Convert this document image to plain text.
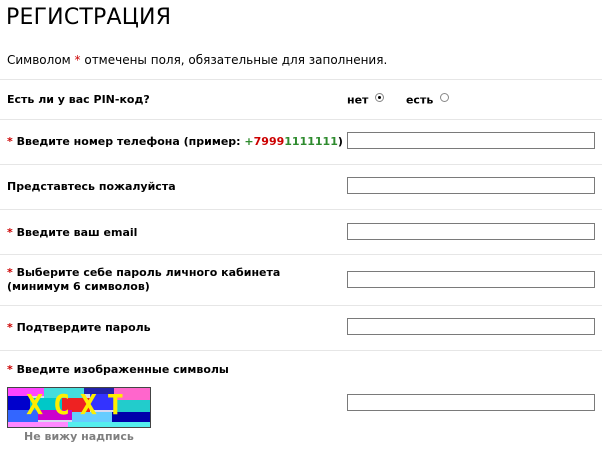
РЕГИСТРАЦИЯ
Символом * отмечены поля, обязательные для заполнения.
Есть ли у вас PIN-код?	нет	есть
* Введите номер телефона (пример: +79991111111)
Представтесь пожалуйста
* Введите ваш email
* Выберите себе пароль личного кабинета
(минимум 6 символов)
* Подтвердите пароль
* Введите изображенные символы
XCXT
Не вижу надпись
